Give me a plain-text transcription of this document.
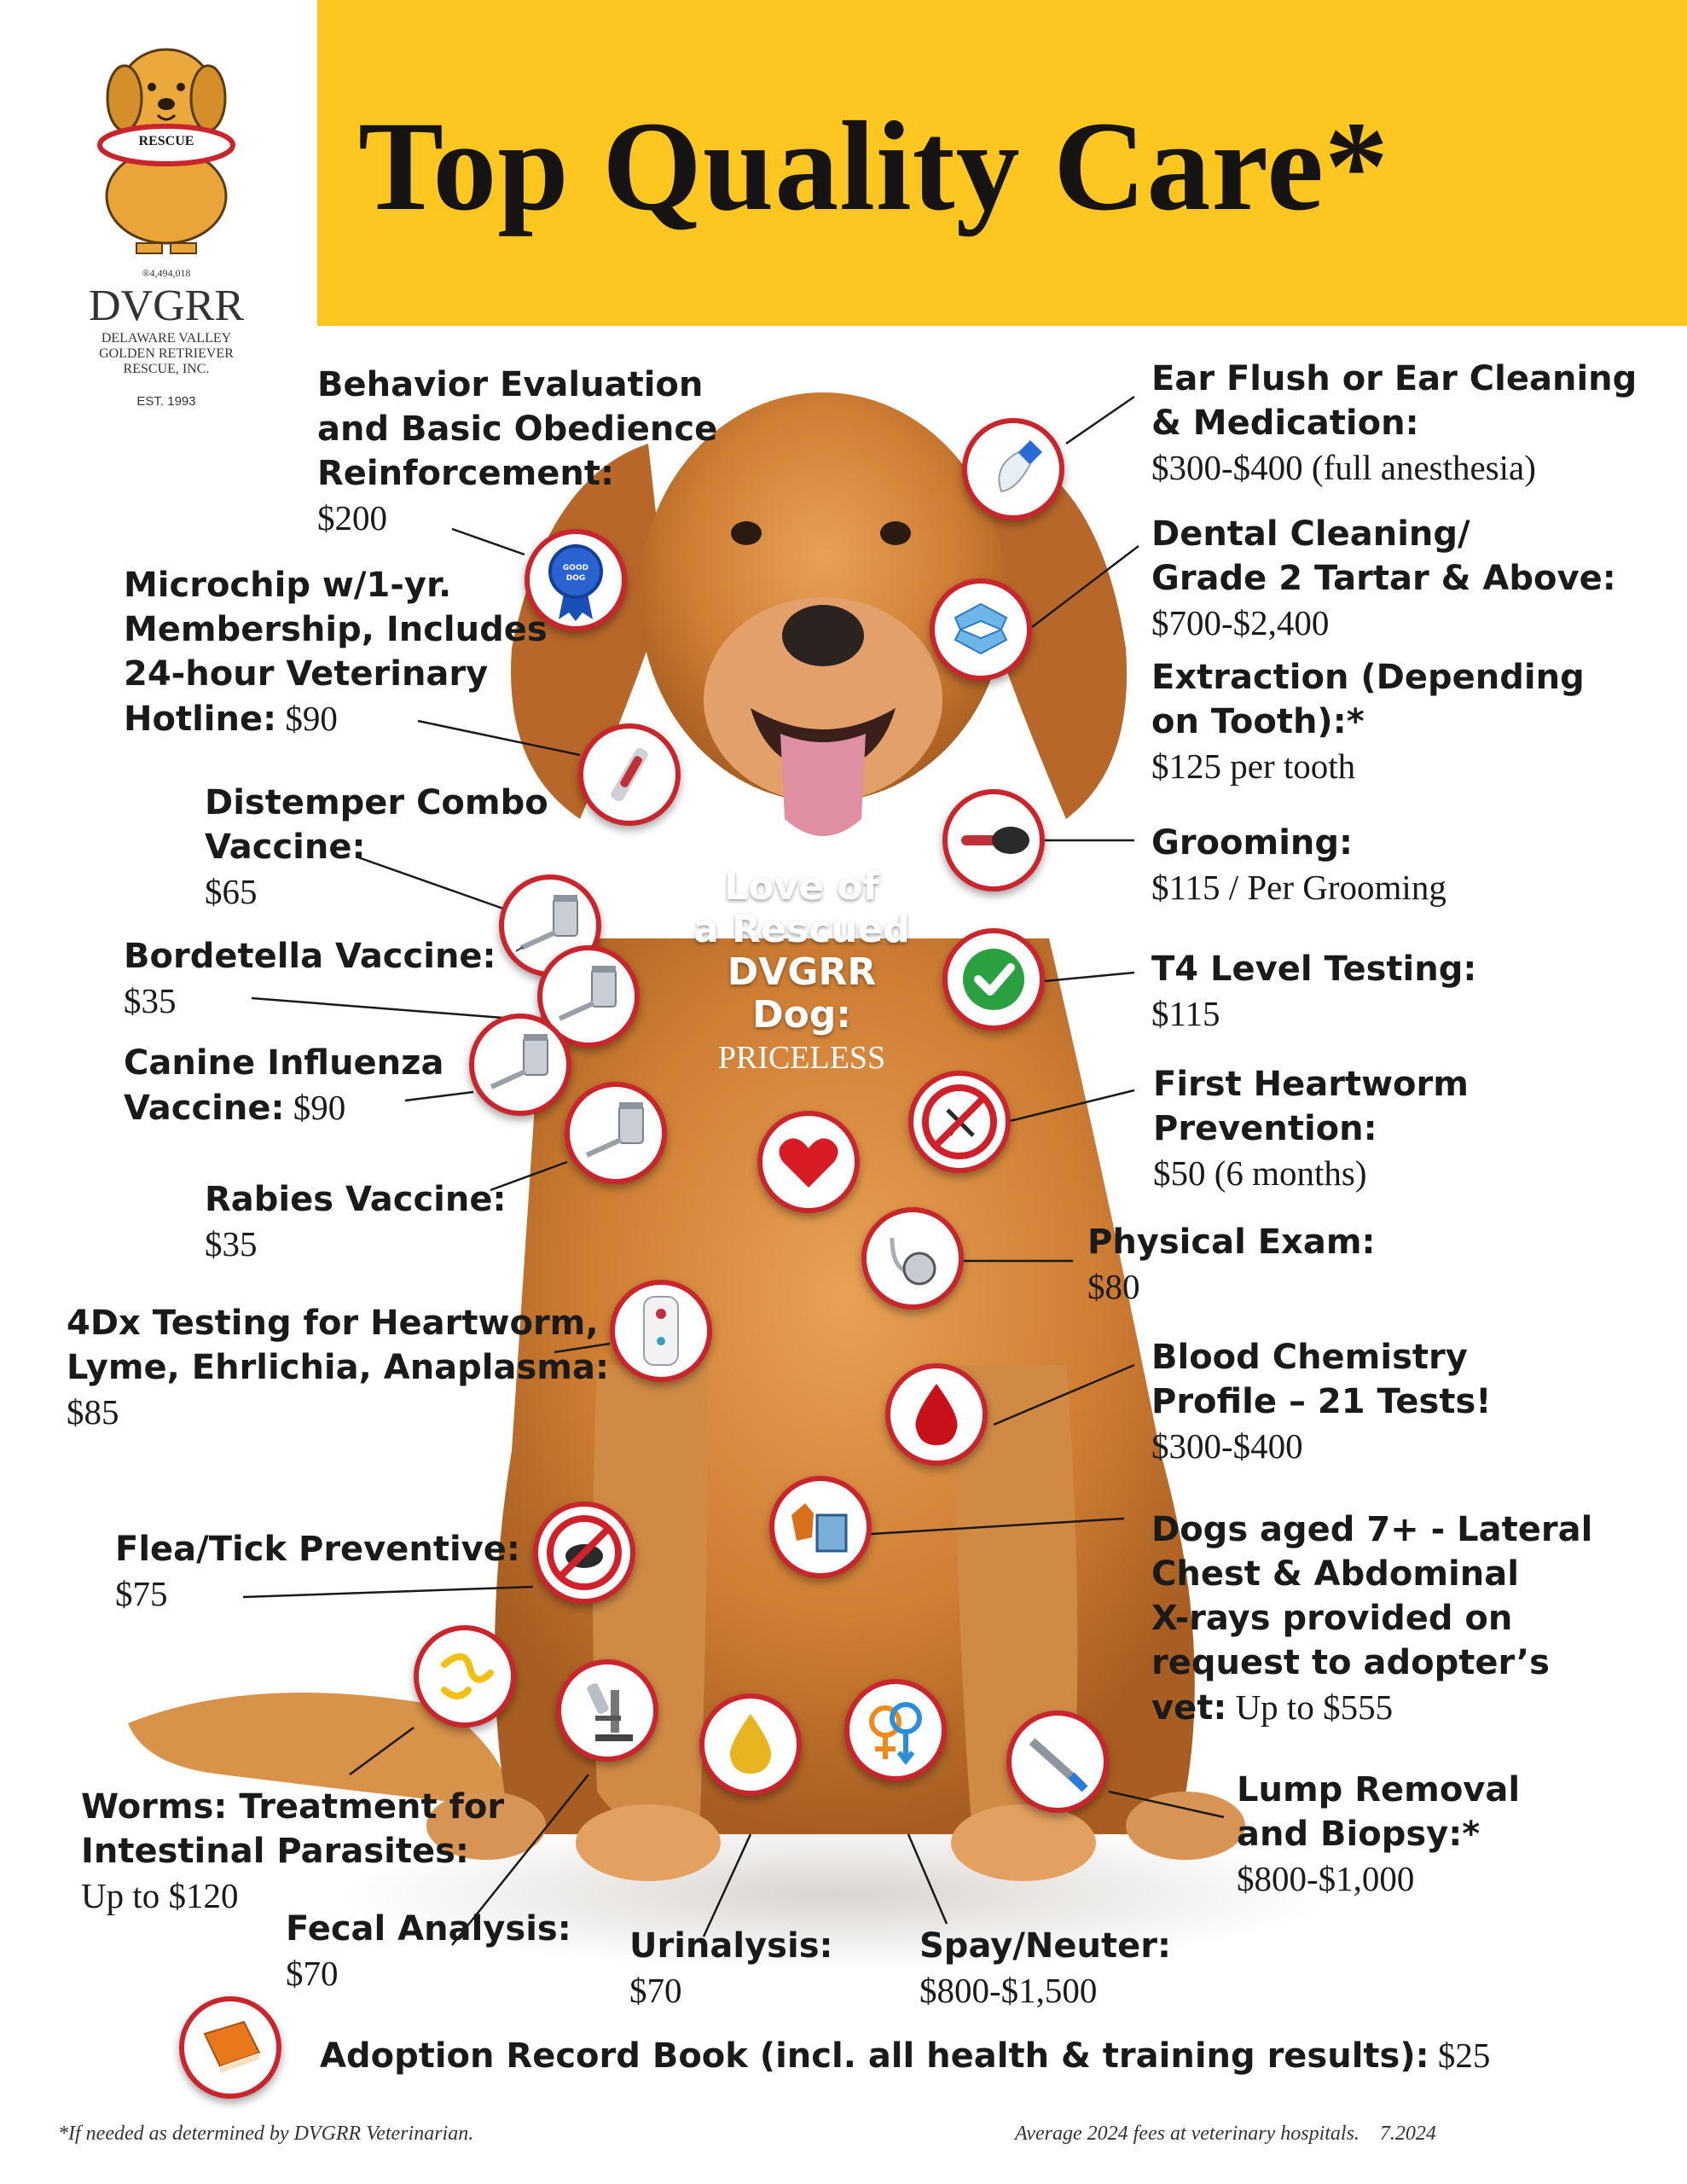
Top Quality Care*
RESCUE
®4,494,018
DVGRR
DELAWARE VALLEY
GOLDEN RETRIEVER
RESCUE, INC.
EST. 1993
GOOD
DOG
Love of
a Rescued
DVGRR
Dog:
PRICELESS
Behavior Evaluation
and Basic Obedience
Reinforcement:
$200
Microchip w/1-yr.
Membership, Includes
24-hour Veterinary
Hotline: $90
Distemper Combo
Vaccine:
$65
Bordetella Vaccine:
$35
Canine Influenza
Vaccine: $90
Rabies Vaccine:
$35
4Dx Testing for Heartworm,
Lyme, Ehrlichia, Anaplasma:
$85
Flea/Tick Preventive:
$75
Worms: Treatment for
Intestinal Parasites:
Up to $120
Fecal Analysis:
$70
Urinalysis:
$70
Spay/Neuter:
$800-$1,500
Ear Flush or Ear Cleaning
& Medication:
$300-$400 (full anesthesia)
Dental Cleaning/
Grade 2 Tartar & Above:
$700-$2,400
Extraction (Depending
on Tooth):*
$125 per tooth
Grooming:
$115 / Per Grooming
T4 Level Testing:
$115
First Heartworm
Prevention:
$50 (6 months)
Physical Exam:
$80
Blood Chemistry
Profile – 21 Tests!
$300-$400
Dogs aged 7+ - Lateral
Chest & Abdominal
X-rays provided on
request to adopter’s
vet: Up to $555
Lump Removal
and Biopsy:*
$800-$1,000
Adoption Record Book (incl. all health & training results): $25
*If needed as determined by DVGRR Veterinarian.	Average 2024 fees at veterinary hospitals.    7.2024
